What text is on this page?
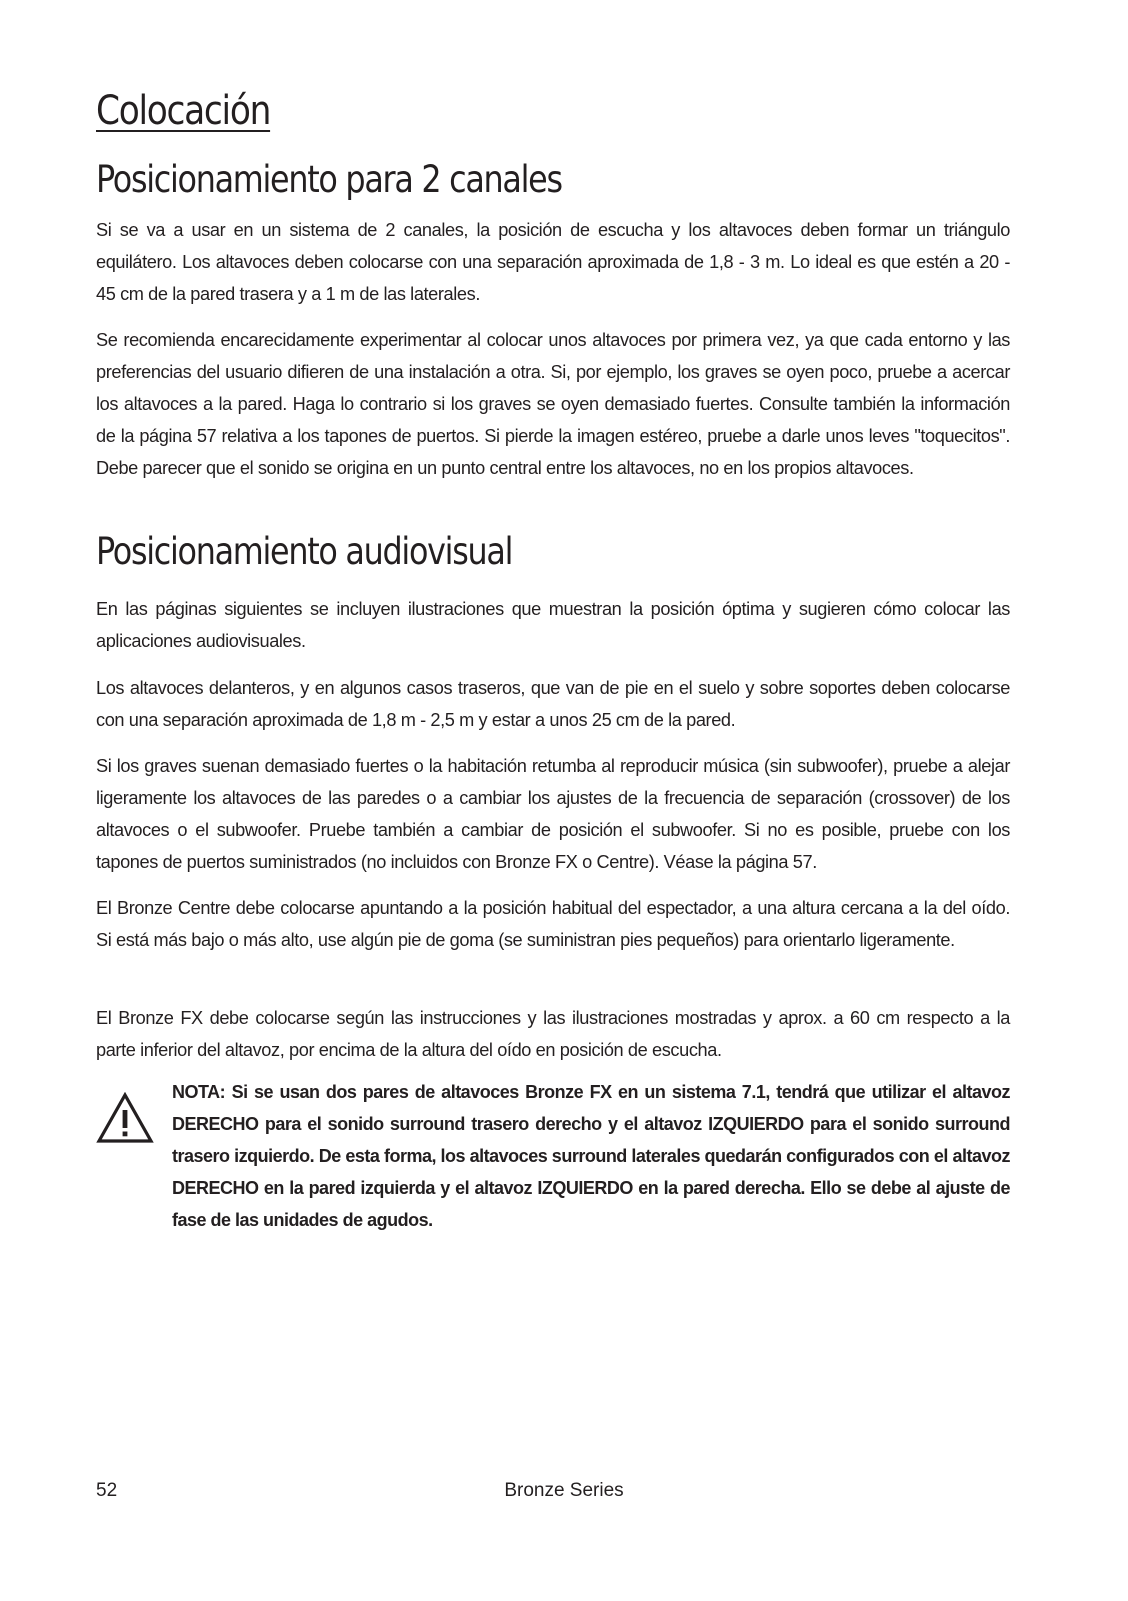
Colocación
Posicionamiento para 2 canales

Si se va a usar en un sistema de 2 canales, la posición de escucha y los altavoces deben formar un triángulo equilátero. Los altavoces deben colocarse con una separación aproximada de 1,8 - 3 m. Lo ideal es que estén a 20 - 45 cm de la pared trasera y a 1 m de las laterales.

Se recomienda encarecidamente experimentar al colocar unos altavoces por primera vez, ya que cada entorno y las preferencias del usuario difieren de una instalación a otra. Si, por ejemplo, los graves se oyen poco, pruebe a acercar los altavoces a la pared. Haga lo contrario si los graves se oyen demasiado fuertes. Consulte también la información de la página 57 relativa a los tapones de puertos. Si pierde la imagen estéreo, pruebe a darle unos leves "toquecitos". Debe parecer que el sonido se origina en un punto central entre los altavoces, no en los propios altavoces.

Posicionamiento audiovisual

En las páginas siguientes se incluyen ilustraciones que muestran la posición óptima y sugieren cómo colocar las aplicaciones audiovisuales.

Los altavoces delanteros, y en algunos casos traseros, que van de pie en el suelo y sobre soportes deben colocarse con una separación aproximada de 1,8 m - 2,5 m y estar a unos 25 cm de la pared.

Si los graves suenan demasiado fuertes o la habitación retumba al reproducir música (sin subwoofer), pruebe a alejar ligeramente los altavoces de las paredes o a cambiar los ajustes de la frecuencia de separación (crossover) de los altavoces o el subwoofer. Pruebe también a cambiar de posición el subwoofer. Si no es posible, pruebe con los tapones de puertos suministrados (no incluidos con Bronze FX o Centre). Véase la página 57.

El Bronze Centre debe colocarse apuntando a la posición habitual del espectador, a una altura cercana a la del oído. Si está más bajo o más alto, use algún pie de goma (se suministran pies pequeños) para orientarlo ligeramente.

El Bronze FX debe colocarse según las instrucciones y las ilustraciones mostradas y aprox. a 60 cm respecto a la parte inferior del altavoz, por encima de la altura del oído en posición de escucha.

NOTA: Si se usan dos pares de altavoces Bronze FX en un sistema 7.1, tendrá que utilizar el altavoz DERECHO para el sonido surround trasero derecho y el altavoz IZQUIERDO para el sonido surround trasero izquierdo. De esta forma, los altavoces surround laterales quedarán configurados con el altavoz DERECHO en la pared izquierda y el altavoz IZQUIERDO en la pared derecha. Ello se debe al ajuste de fase de las unidades de agudos.

52	Bronze Series
